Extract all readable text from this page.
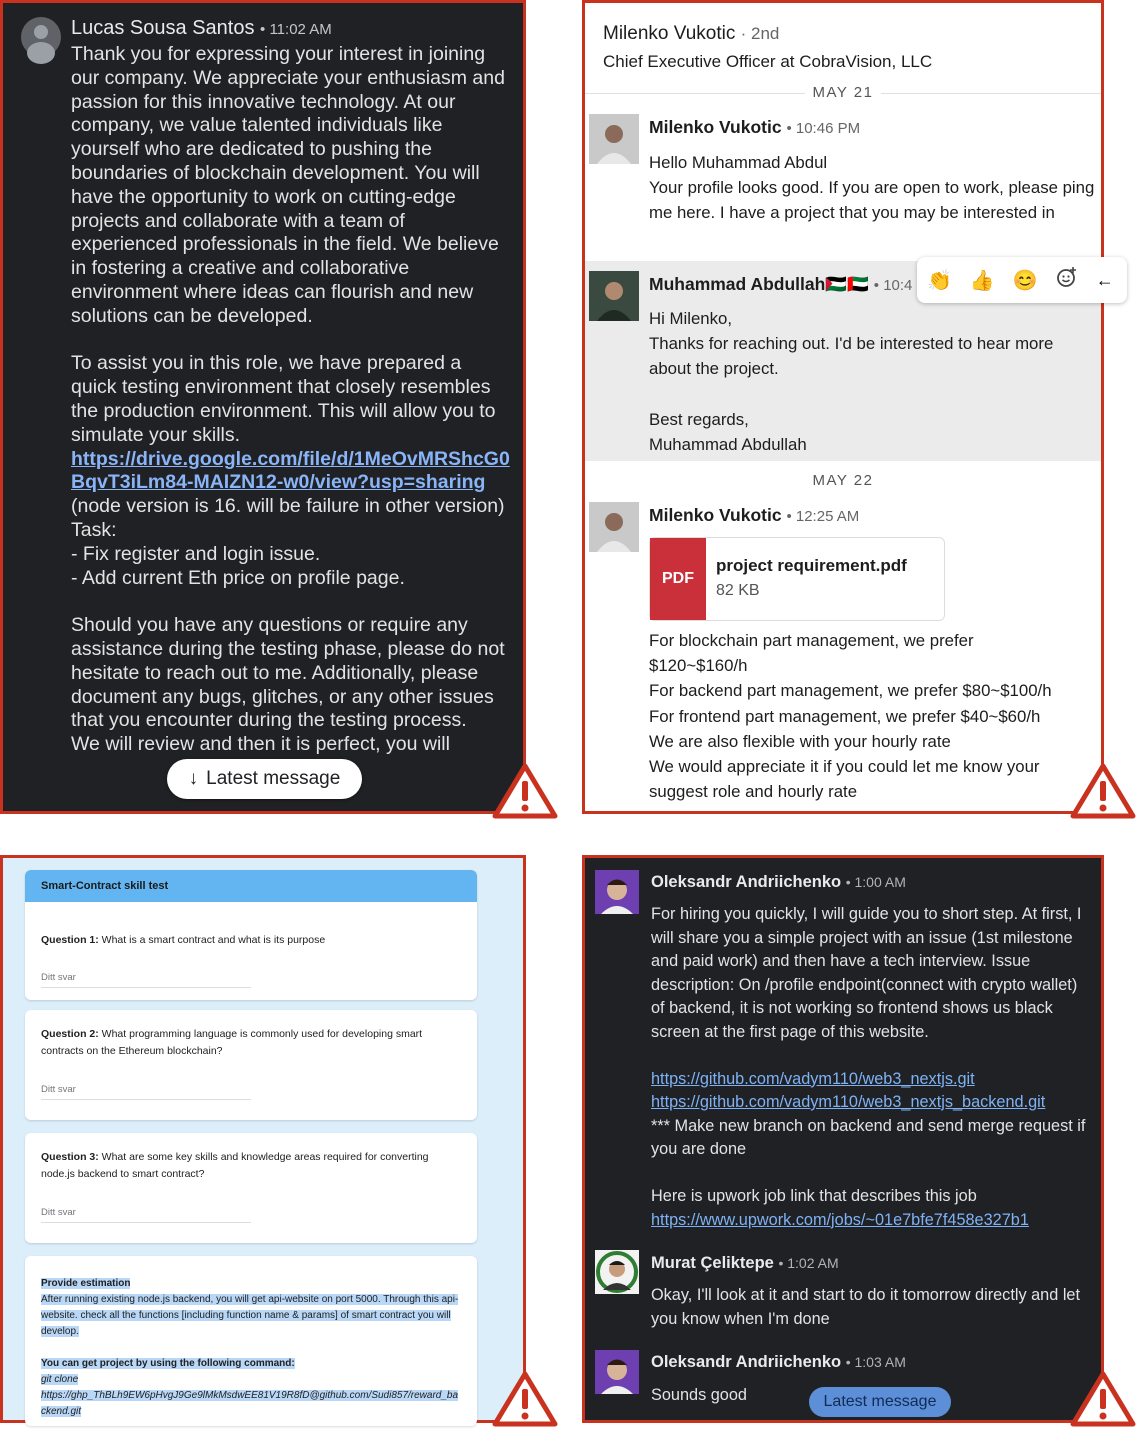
Lucas Sousa Santos • 11:02 AM

Thank you for expressing your interest in joining our company. We appreciate your enthusiasm and passion for this innovative technology. At our company, we value talented individuals like yourself who are dedicated to pushing the boundaries of blockchain development. You will have the opportunity to work on cutting-edge projects and collaborate with a team of experienced professionals in the field. We believe in fostering a creative and collaborative environment where ideas can flourish and new solutions can be developed.

To assist you in this role, we have prepared a quick testing environment that closely resembles the production environment. This will allow you to simulate your skills.

https://drive.google.com/file/d/1MeOvMRShcG0BqvT3iLm84-MAIZN12-w0/view?usp=sharing (node version is 16. will be failure in other version)

Task:

- Fix register and login issue.

- Add current Eth price on profile page.

Should you have any questions or require any assistance during the testing phase, please do not hesitate to reach out to me. Additionally, please document any bugs, glitches, or any other issues that you encounter during the testing process.

We will review and then it is perfect, you will

↓ Latest message
Milenko Vukotic · 2nd
Chief Executive Officer at CobraVision, LLC
MAY 21
Milenko Vukotic • 10:46 PM

Hello Muhammad Abdul

Your profile looks good. If you are open to work, please ping me here. I have a project that you may be interested in

Muhammad Abdullah🇵🇸🇦🇪 • 10:4 👏 👍 😊	←

Hi Milenko,

Thanks for reaching out. I'd be interested to hear more about the project.

Best regards,

Muhammad Abdullah

MAY 22
Milenko Vukotic • 12:25 AM
PDF
project requirement.pdf
82 KB

For blockchain part management, we prefer $120~$160/h

For backend part management, we prefer $80~$100/h

For frontend part management, we prefer $40~$60/h

We are also flexible with your hourly rate

We would appreciate it if you could let me know your suggest role and hourly rate

Smart-Contract skill test
Question 1: What is a smart contract and what is its purpose
Ditt svar
Question 2: What programming language is commonly used for developing smart contracts on the Ethereum blockchain?
Ditt svar
Question 3: What are some key skills and knowledge areas required for converting node.js backend to smart contract?
Ditt svar

Provide estimation

After running existing node.js backend, you will get api-website on port 5000. Through this api-website. check all the functions [including function name & params] of smart contract you will develop.

You can get project by using the following command:

git clone

https://ghp_ThBLh9EW6pHvgJ9Ge9lMkMsdwEE81V19R8fD@github.com/Sudi857/reward_backend.git

Oleksandr Andriichenko • 1:00 AM

For hiring you quickly, I will guide you to short step. At first, I will share you a simple project with an issue (1st milestone and paid work) and then have a tech interview. Issue description: On /profile endpoint(connect with crypto wallet) of backend, it is not working so frontend shows us black screen at the first page of this website.

https://github.com/vadym110/web3_nextjs.git

https://github.com/vadym110/web3_nextjs_backend.git

*** Make new branch on backend and send merge request if you are done

Here is upwork job link that describes this job

https://www.upwork.com/jobs/~01e7bfe7f458e327b1

Murat Çeliktepe • 1:02 AM

Okay, I'll look at it and start to do it tomorrow directly and let you know when I'm done

Oleksandr Andriichenko • 1:03 AM

Sounds good	Latest message
